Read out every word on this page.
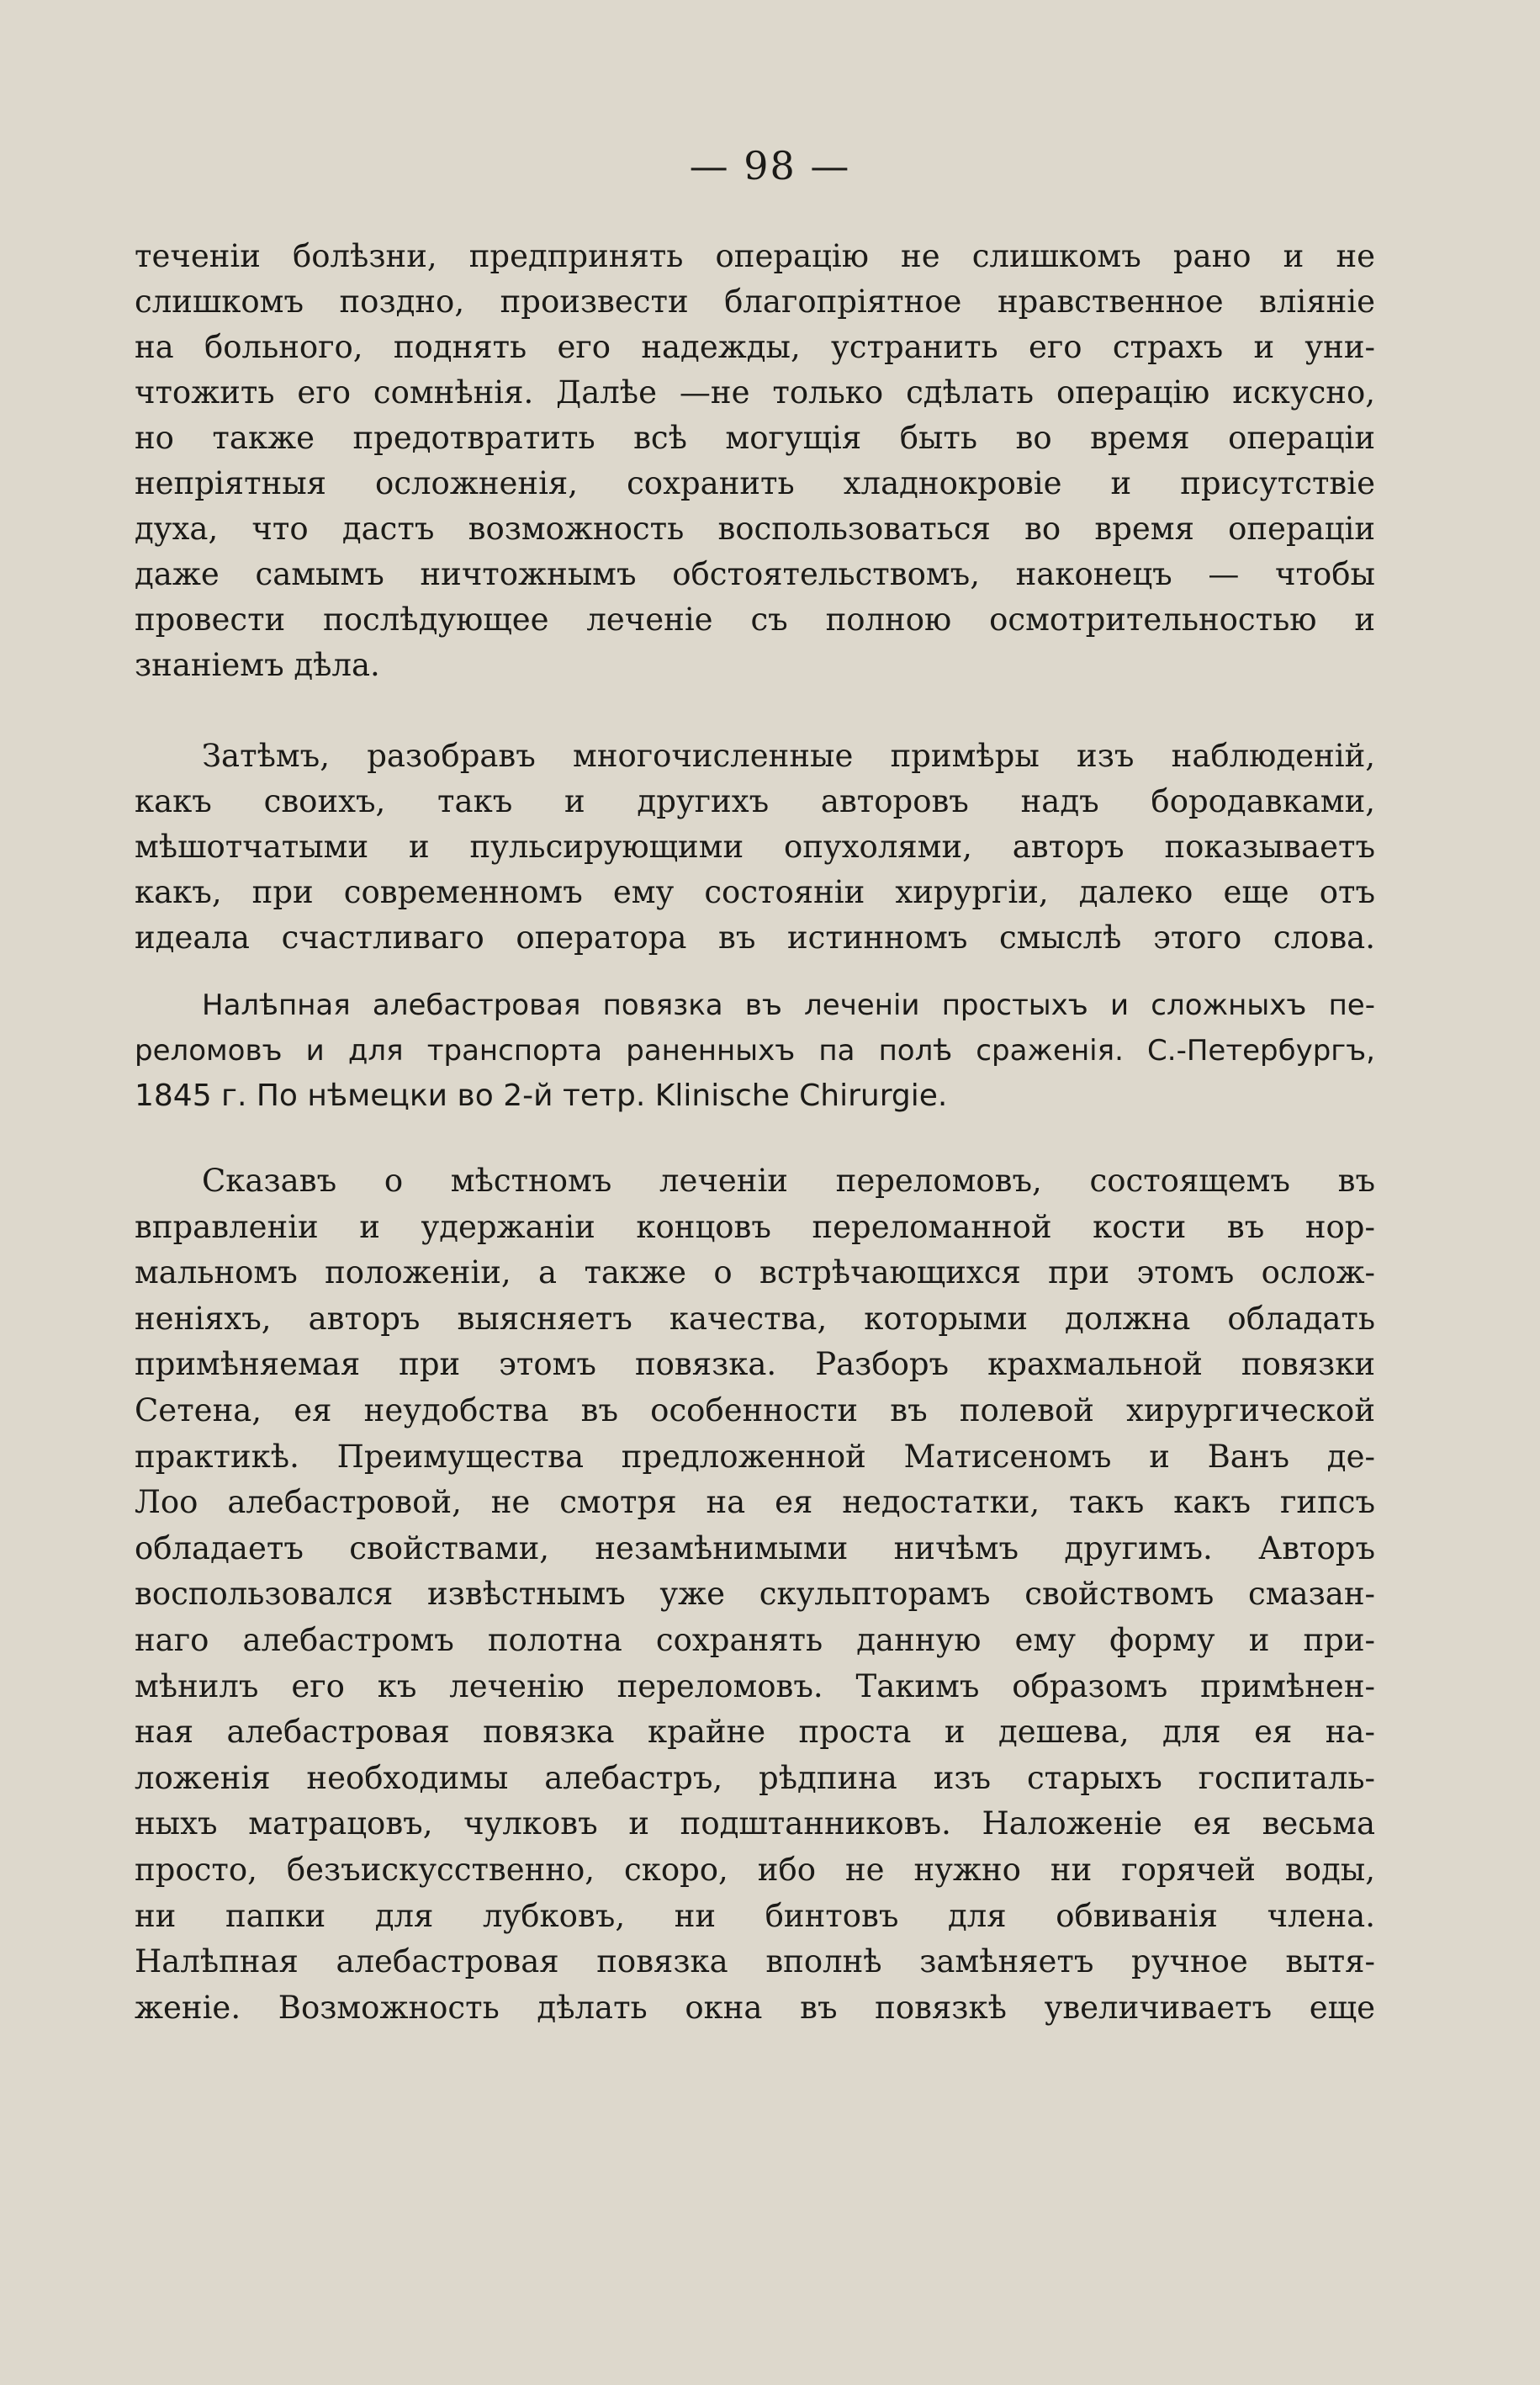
— 98 —
теченіи болѣзни, предпринять операцію не слишкомъ рано и не
слишкомъ поздно, произвести благопріятное нравственное вліяніе
на больного, поднять его надежды, устранить его страхъ и уни-
чтожить его сомнѣнія. Далѣе —не только сдѣлать операцію искусно,
но также предотвратить всѣ могущія быть во время операціи
непріятныя осложненія, сохранить хладнокровіе и присутствіе
духа, что дастъ возможность воспользоваться во время операціи
даже самымъ ничтожнымъ обстоятельствомъ, наконецъ — чтобы
провести послѣдующее леченіе съ полною осмотрительностью и
знаніемъ дѣла.
Затѣмъ, разобравъ многочисленные примѣры изъ наблюденій,
какъ своихъ, такъ и другихъ авторовъ надъ бородавками,
мѣшотчатыми и пульсирующими опухолями, авторъ показываетъ
какъ, при современномъ ему состояніи хирургіи, далеко еще отъ
идеала счастливаго оператора въ истинномъ смыслѣ этого слова.
Налѣпная алебастровая повязка въ леченіи простыхъ и сложныхъ пе-
реломовъ и для транспорта раненныхъ па полѣ сраженія. С.-Петербургъ,
1845 г. По нѣмецки во 2-й тетр. Klinische Chirurgie.
Сказавъ о мѣстномъ леченіи переломовъ, состоящемъ въ
вправленіи и удержаніи концовъ переломанной кости въ нор-
мальномъ положеніи, а также о встрѣчающихся при этомъ ослож-
неніяхъ, авторъ выясняетъ качества, которыми должна обладать
примѣняемая при этомъ повязка. Разборъ крахмальной повязки
Сетена, ея неудобства въ особенности въ полевой хирургической
практикѣ. Преимущества предложенной Матисеномъ и Ванъ де-
Лоо алебастровой, не смотря на ея недостатки, такъ какъ гипсъ
обладаетъ свойствами, незамѣнимыми ничѣмъ другимъ. Авторъ
воспользовался извѣстнымъ уже скульпторамъ свойствомъ смазан-
наго алебастромъ полотна сохранять данную ему форму и при-
мѣнилъ его къ леченію переломовъ. Такимъ образомъ примѣнен-
ная алебастровая повязка крайне проста и дешева, для ея на-
ложенія необходимы алебастръ, рѣдпина изъ старыхъ госпиталь-
ныхъ матрацовъ, чулковъ и подштанниковъ. Наложеніе ея весьма
просто, безъискусственно, скоро, ибо не нужно ни горячей воды,
ни папки для лубковъ, ни бинтовъ для обвиванія члена.
Налѣпная алебастровая повязка вполнѣ замѣняетъ ручное вытя-
женіе. Возможность дѣлать окна въ повязкѣ увеличиваетъ еще
